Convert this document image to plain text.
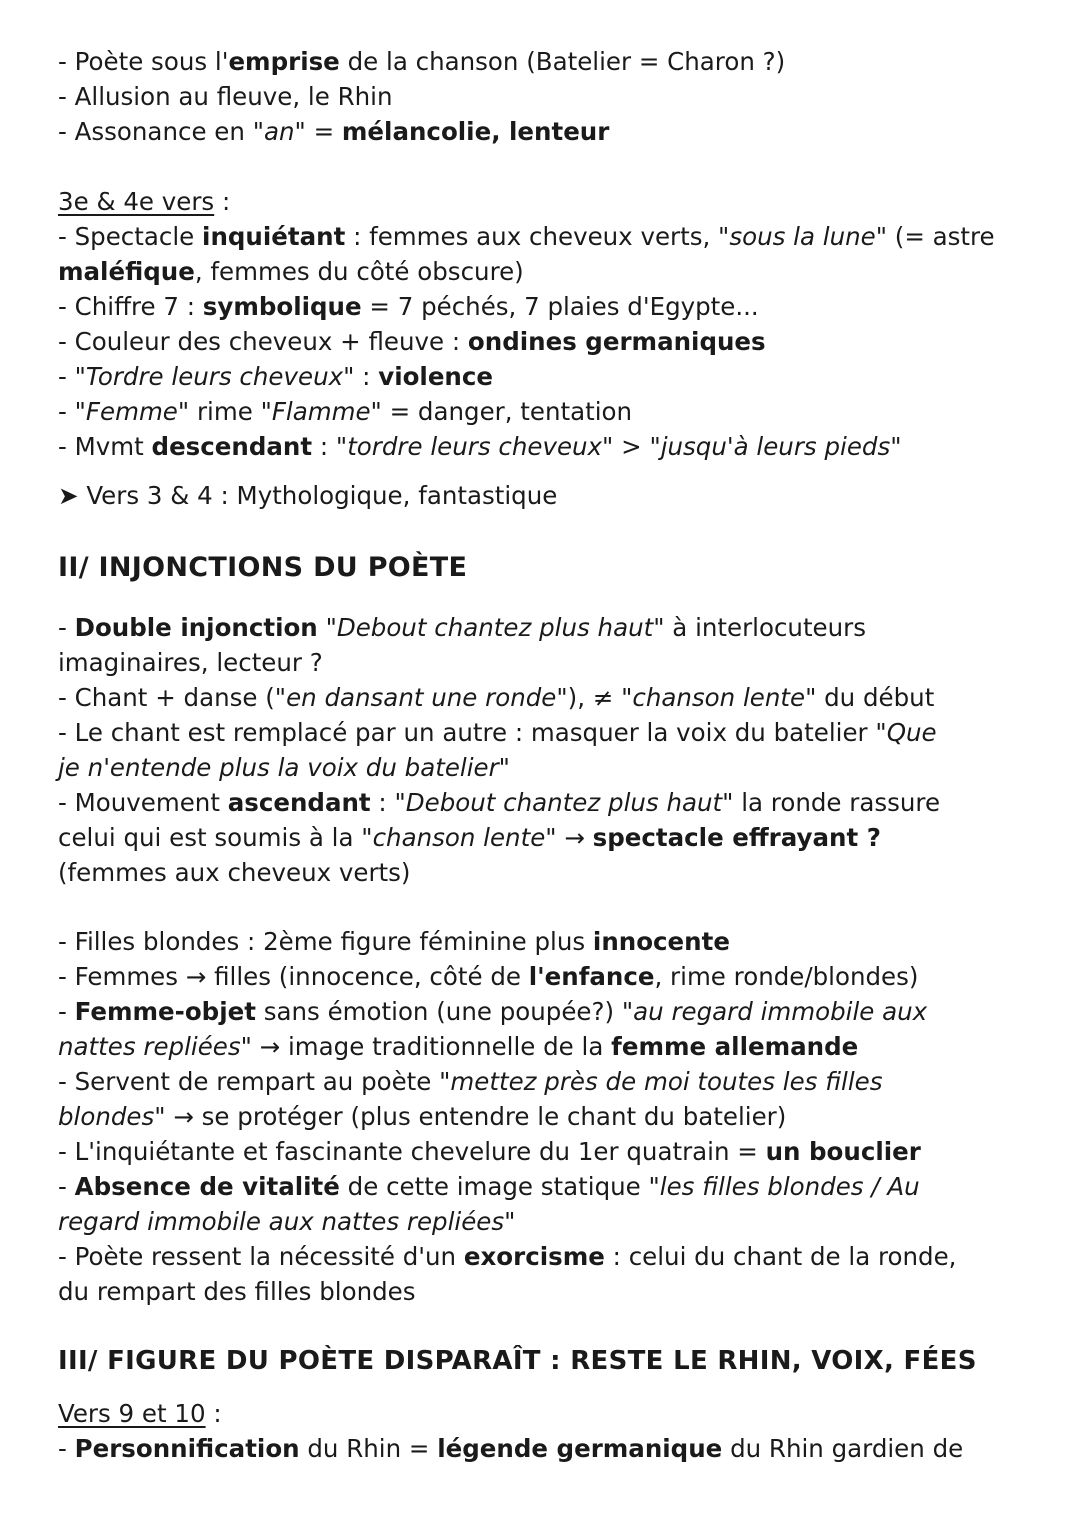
- Poète sous l'emprise de la chanson (Batelier = Charon ?)
- Allusion au fleuve, le Rhin
- Assonance en "an" = mélancolie, lenteur

3e & 4e vers :
- Spectacle inquiétant : femmes aux cheveux verts, "sous la lune" (= astre
maléfique, femmes du côté obscure)
- Chiffre 7 : symbolique = 7 péchés, 7 plaies d'Egypte...
- Couleur des cheveux + fleuve : ondines germaniques
- "Tordre leurs cheveux" : violence
- "Femme" rime "Flamme" = danger, tentation
- Mvmt descendant : "tordre leurs cheveux" > "jusqu'à leurs pieds"

➤ Vers 3 & 4 : Mythologique, fantastique

II/ INJONCTIONS DU POÈTE

- Double injonction "Debout chantez plus haut" à interlocuteurs
imaginaires, lecteur ?
- Chant + danse ("en dansant une ronde"), ≠ "chanson lente" du début
- Le chant est remplacé par un autre : masquer la voix du batelier "Que
je n'entende plus la voix du batelier"
- Mouvement ascendant : "Debout chantez plus haut" la ronde rassure
celui qui est soumis à la "chanson lente" → spectacle effrayant ?
(femmes aux cheveux verts)

- Filles blondes : 2ème figure féminine plus innocente
- Femmes → filles (innocence, côté de l'enfance, rime ronde/blondes)
- Femme-objet sans émotion (une poupée?) "au regard immobile aux
nattes repliées" → image traditionnelle de la femme allemande
- Servent de rempart au poète "mettez près de moi toutes les filles
blondes" → se protéger (plus entendre le chant du batelier)
- L'inquiétante et fascinante chevelure du 1er quatrain = un bouclier
- Absence de vitalité de cette image statique "les filles blondes / Au
regard immobile aux nattes repliées"
- Poète ressent la nécessité d'un exorcisme : celui du chant de la ronde,
du rempart des filles blondes

III/ FIGURE DU POÈTE DISPARAÎT : RESTE LE RHIN, VOIX, FÉES

Vers 9 et 10 :
- Personnification du Rhin = légende germanique du Rhin gardien de
